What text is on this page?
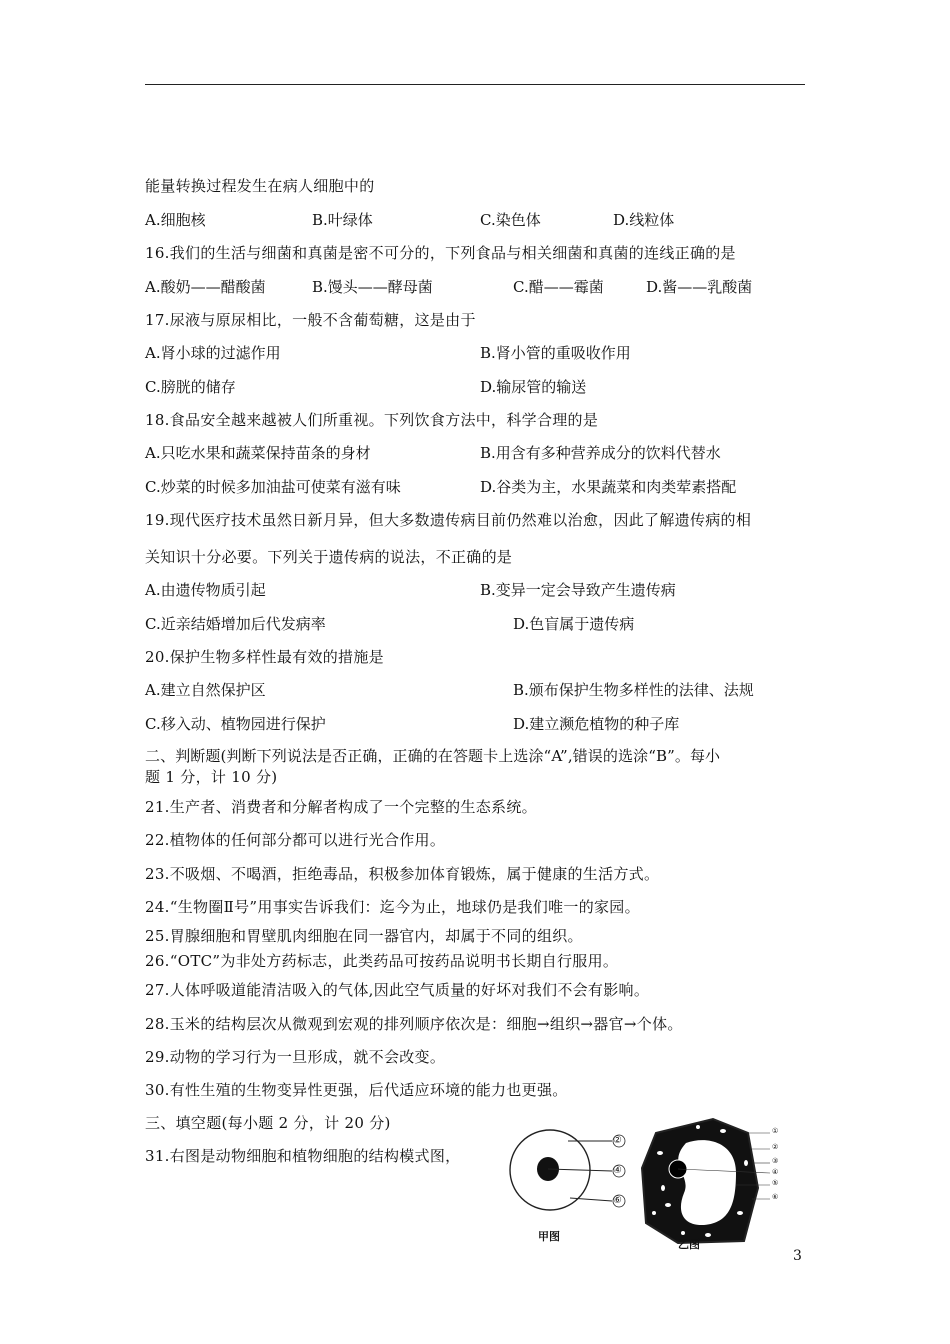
能量转换过程发生在病人细胞中的
A.细胞核	B.叶绿体	C.染色体	D.线粒体
16.我们的生活与细菌和真菌是密不可分的，下列食品与相关细菌和真菌的连线正确的是
A.酸奶——醋酸菌	B.馒头——酵母菌	C.醋——霉菌	D.酱——乳酸菌
17.尿液与原尿相比，一般不含葡萄糖，这是由于
A.肾小球的过滤作用	B.肾小管的重吸收作用
C.膀胱的储存	D.输尿管的输送
18.食品安全越来越被人们所重视。下列饮食方法中，科学合理的是
A.只吃水果和蔬菜保持苗条的身材	B.用含有多种营养成分的饮料代替水
C.炒菜的时候多加油盐可使菜有滋有味	D.谷类为主，水果蔬菜和肉类荤素搭配
19.现代医疗技术虽然日新月异，但大多数遗传病目前仍然难以治愈，因此了解遗传病的相
关知识十分必要。下列关于遗传病的说法，不正确的是
A.由遗传物质引起	B.变异一定会导致产生遗传病
C.近亲结婚增加后代发病率	D.色盲属于遗传病
20.保护生物多样性最有效的措施是
A.建立自然保护区	B.颁布保护生物多样性的法律、法规
C.移入动、植物园进行保护	D.建立濒危植物的种子库
二、判断题(判断下列说法是否正确，正确的在答题卡上选涂“A”,错误的选涂“B”。每小
题 1 分，计 10 分)
21.生产者、消费者和分解者构成了一个完整的生态系统。
22.植物体的任何部分都可以进行光合作用。
23.不吸烟、不喝酒，拒绝毒品，积极参加体育锻炼，属于健康的生活方式。
24.“生物圈Ⅱ号”用事实告诉我们：迄今为止，地球仍是我们唯一的家园。
25.胃腺细胞和胃壁肌肉细胞在同一器官内，却属于不同的组织。
26.“OTC”为非处方药标志，此类药品可按药品说明书长期自行服用。
27.人体呼吸道能清洁吸入的气体,因此空气质量的好坏对我们不会有影响。
28.玉米的结构层次从微观到宏观的排列顺序依次是：细胞→组织→器官→个体。
29.动物的学习行为一旦形成，就不会改变。
30.有性生殖的生物变异性更强，后代适应环境的能力也更强。
三、填空题(每小题 2 分，计 20 分)
31.右图是动物细胞和植物细胞的结构模式图，
②
④
⑥
①
②
③
④
⑤
⑥
甲图
乙图
3
